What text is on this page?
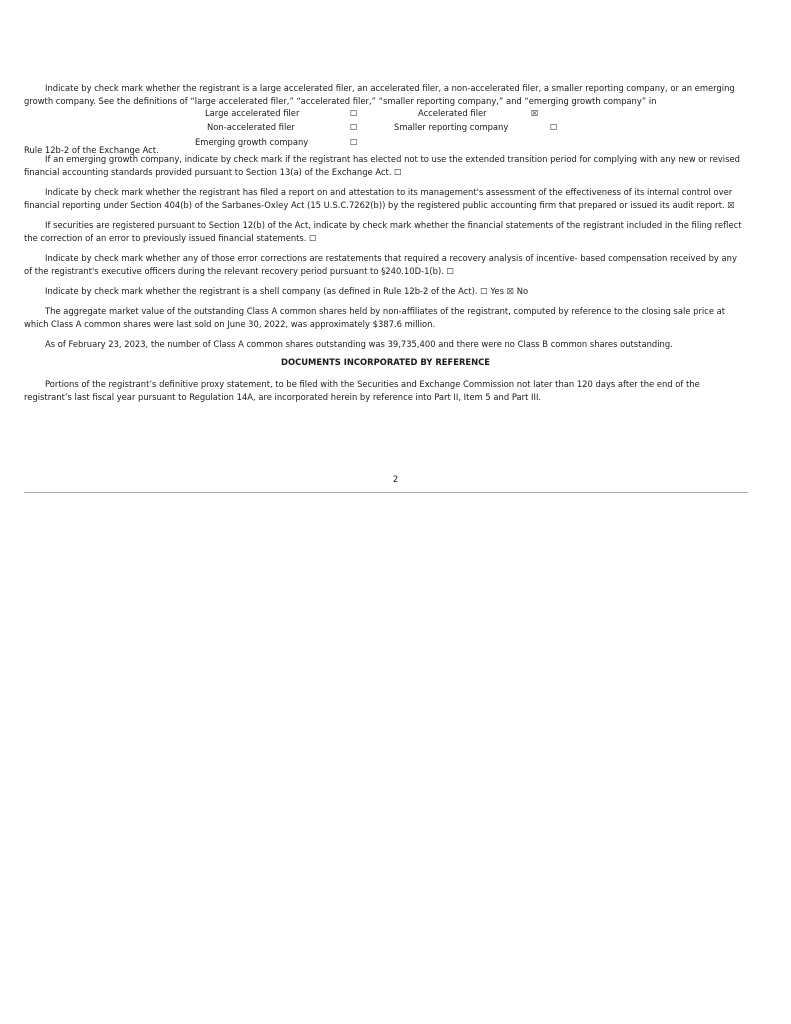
Indicate by check mark whether the registrant is a large accelerated filer, an accelerated filer, a non-accelerated filer, a smaller reporting company, or an emerging growth company. See the definitions of “large accelerated filer,” “accelerated filer,” “smaller reporting company,” and “emerging growth company” in

Large accelerated filer	☐	Accelerated filer	☒
Non-accelerated filer	☐	Smaller reporting company	☐
Emerging growth company	☐
Rule 12b-2 of the Exchange Act.

If an emerging growth company, indicate by check mark if the registrant has elected not to use the extended transition period for complying with any new or revised financial accounting standards provided pursuant to Section 13(a) of the Exchange Act. ☐

Indicate by check mark whether the registrant has filed a report on and attestation to its management's assessment of the effectiveness of its internal control over financial reporting under Section 404(b) of the Sarbanes-Oxley Act (15 U.S.C.7262(b)) by the registered public accounting firm that prepared or issued its audit report. ☒

If securities are registered pursuant to Section 12(b) of the Act, indicate by check mark whether the financial statements of the registrant included in the filing reflect the correction of an error to previously issued financial statements. ☐

Indicate by check mark whether any of those error corrections are restatements that required a recovery analysis of incentive- based compensation received by any of the registrant's executive officers during the relevant recovery period pursuant to §240.10D-1(b). ☐

Indicate by check mark whether the registrant is a shell company (as defined in Rule 12b-2 of the Act). ☐ Yes ☒ No

The aggregate market value of the outstanding Class A common shares held by non-affiliates of the registrant, computed by reference to the closing sale price at which Class A common shares were last sold on June 30, 2022, was approximately $387.6 million.

As of February 23, 2023, the number of Class A common shares outstanding was 39,735,400 and there were no Class B common shares outstanding.

DOCUMENTS INCORPORATED BY REFERENCE

Portions of the registrant’s definitive proxy statement, to be filed with the Securities and Exchange Commission not later than 120 days after the end of the registrant’s last fiscal year pursuant to Regulation 14A, are incorporated herein by reference into Part II, Item 5 and Part III.

2
